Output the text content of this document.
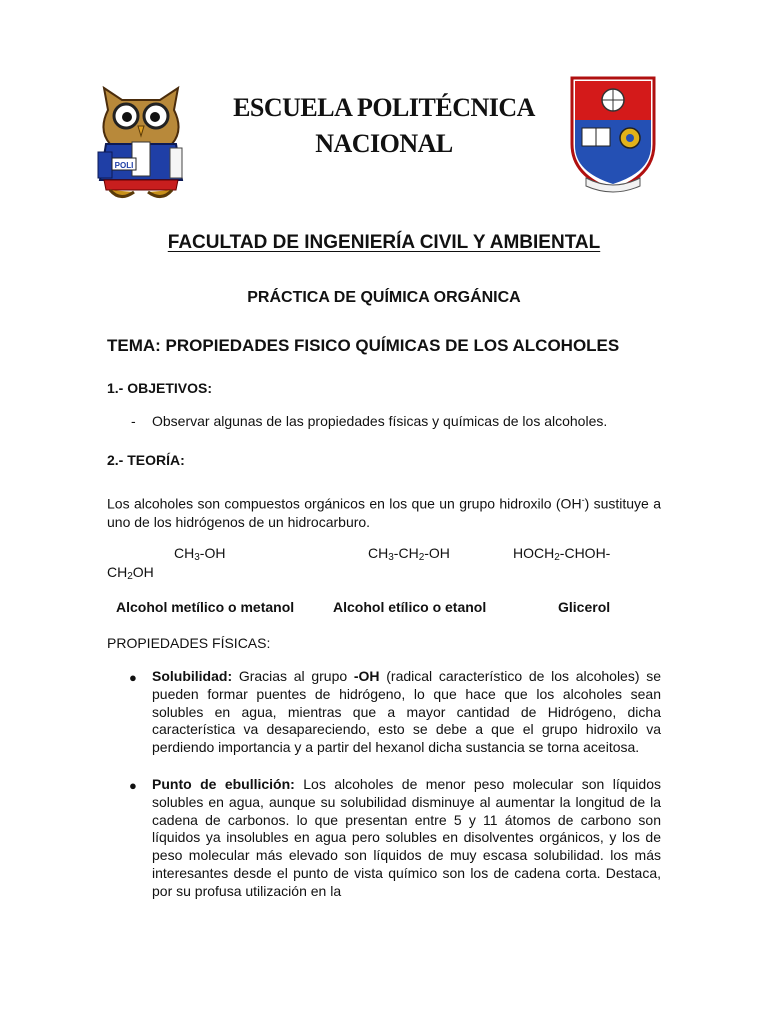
POLI
ESCUELA POLITÉCNICA
NACIONAL
FACULTAD DE INGENIERÍA CIVIL Y AMBIENTAL
PRÁCTICA DE QUÍMICA ORGÁNICA
TEMA: PROPIEDADES FISICO QUÍMICAS DE LOS ALCOHOLES
1.- OBJETIVOS:
- Observar algunas de las propiedades físicas y químicas de los alcoholes.
2.- TEORÍA:
Los alcoholes son compuestos orgánicos en los que un grupo hidroxilo (OH-) sustituye a uno de los hidrógenos de un hidrocarburo.
$CH_3-OH$	$CH_3-CH_2-OH$	$HOCH_2-CHOH-$
$CH_2OH$
Alcohol metílico o metanol	Alcohol etílico o etanol	Glicerol
PROPIEDADES FÍSICAS:
● Solubilidad: Gracias al grupo -OH (radical característico de los alcoholes) se pueden formar puentes de hidrógeno, lo que hace que los alcoholes sean solubles en agua, mientras que a mayor cantidad de Hidrógeno, dicha característica va desapareciendo, esto se debe a que el grupo hidroxilo va perdiendo importancia y a partir del hexanol dicha sustancia se torna aceitosa.
● Punto de ebullición: Los alcoholes de menor peso molecular son líquidos solubles en agua, aunque su solubilidad disminuye al aumentar la longitud de la cadena de carbonos. lo que presentan entre 5 y 11 átomos de carbono son líquidos ya insolubles en agua pero solubles en disolventes orgánicos, y los de peso molecular más elevado son líquidos de muy escasa solubilidad. los más interesantes desde el punto de vista químico son los de cadena corta. Destaca, por su profusa utilización en la
